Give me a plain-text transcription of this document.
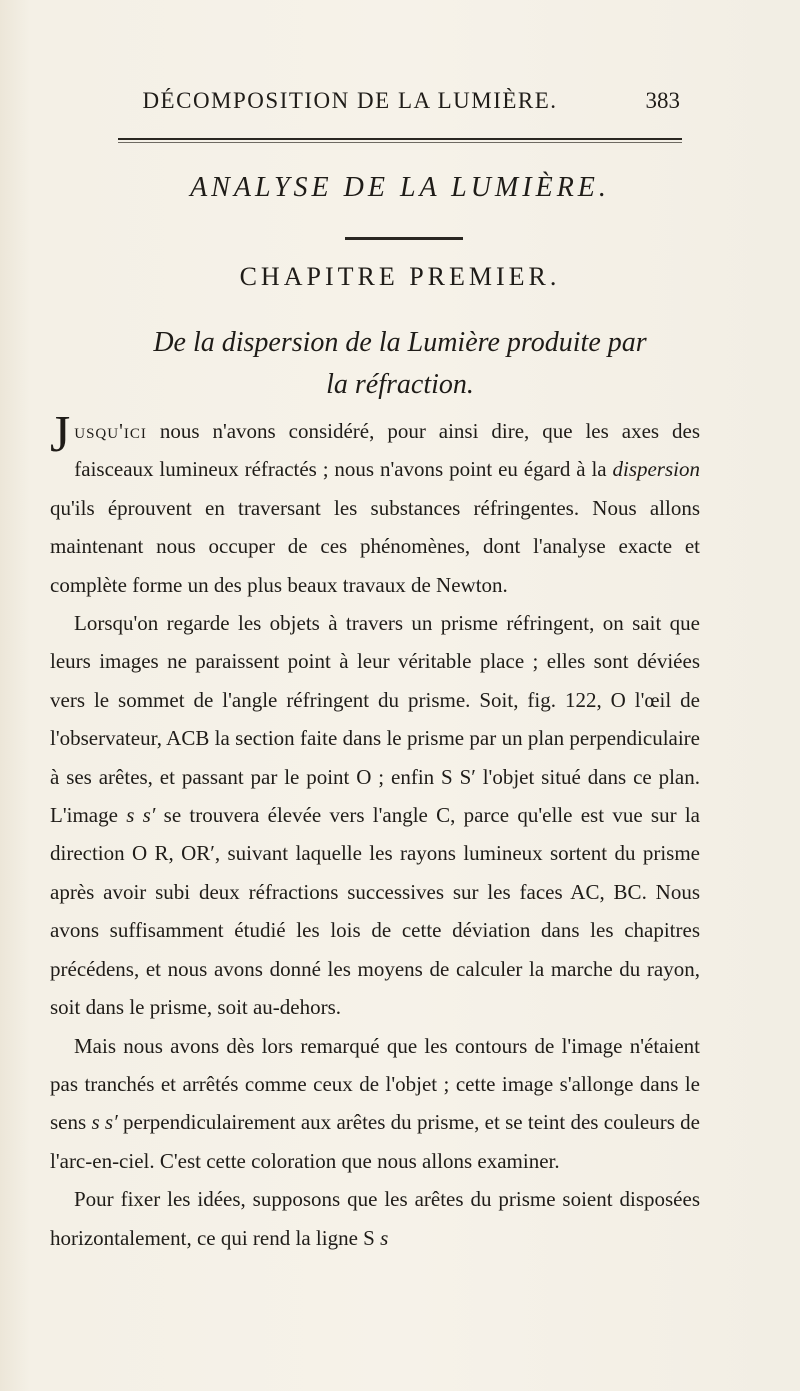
DÉCOMPOSITION DE LA LUMIÈRE.	383
ANALYSE DE LA LUMIÈRE.
CHAPITRE PREMIER.
De la dispersion de la Lumière produite par
la réfraction.

Jusqu'ici nous n'avons considéré, pour ainsi dire, que les axes des faisceaux lumineux réfractés ; nous n'avons point eu égard à la dispersion qu'ils éprouvent en traversant les substances réfringentes. Nous allons maintenant nous occuper de ces phénomènes, dont l'analyse exacte et complète forme un des plus beaux travaux de Newton.

Lorsqu'on regarde les objets à travers un prisme réfringent, on sait que leurs images ne paraissent point à leur véritable place ; elles sont déviées vers le sommet de l'angle réfringent du prisme. Soit, fig. 122, O l'œil de l'observateur, ACB la section faite dans le prisme par un plan perpendiculaire à ses arêtes, et passant par le point O ; enfin S S′ l'objet situé dans ce plan. L'image s s′ se trouvera élevée vers l'angle C, parce qu'elle est vue sur la direction O R, OR′, suivant laquelle les rayons lumineux sortent du prisme après avoir subi deux réfractions successives sur les faces AC, BC. Nous avons suffisamment étudié les lois de cette déviation dans les chapitres précédens, et nous avons donné les moyens de calculer la marche du rayon, soit dans le prisme, soit au-dehors.

Mais nous avons dès lors remarqué que les contours de l'image n'étaient pas tranchés et arrêtés comme ceux de l'objet ; cette image s'allonge dans le sens s s′ perpendiculairement aux arêtes du prisme, et se teint des couleurs de l'arc-en-ciel. C'est cette coloration que nous allons examiner.

Pour fixer les idées, supposons que les arêtes du prisme soient disposées horizontalement, ce qui rend la ligne S s
